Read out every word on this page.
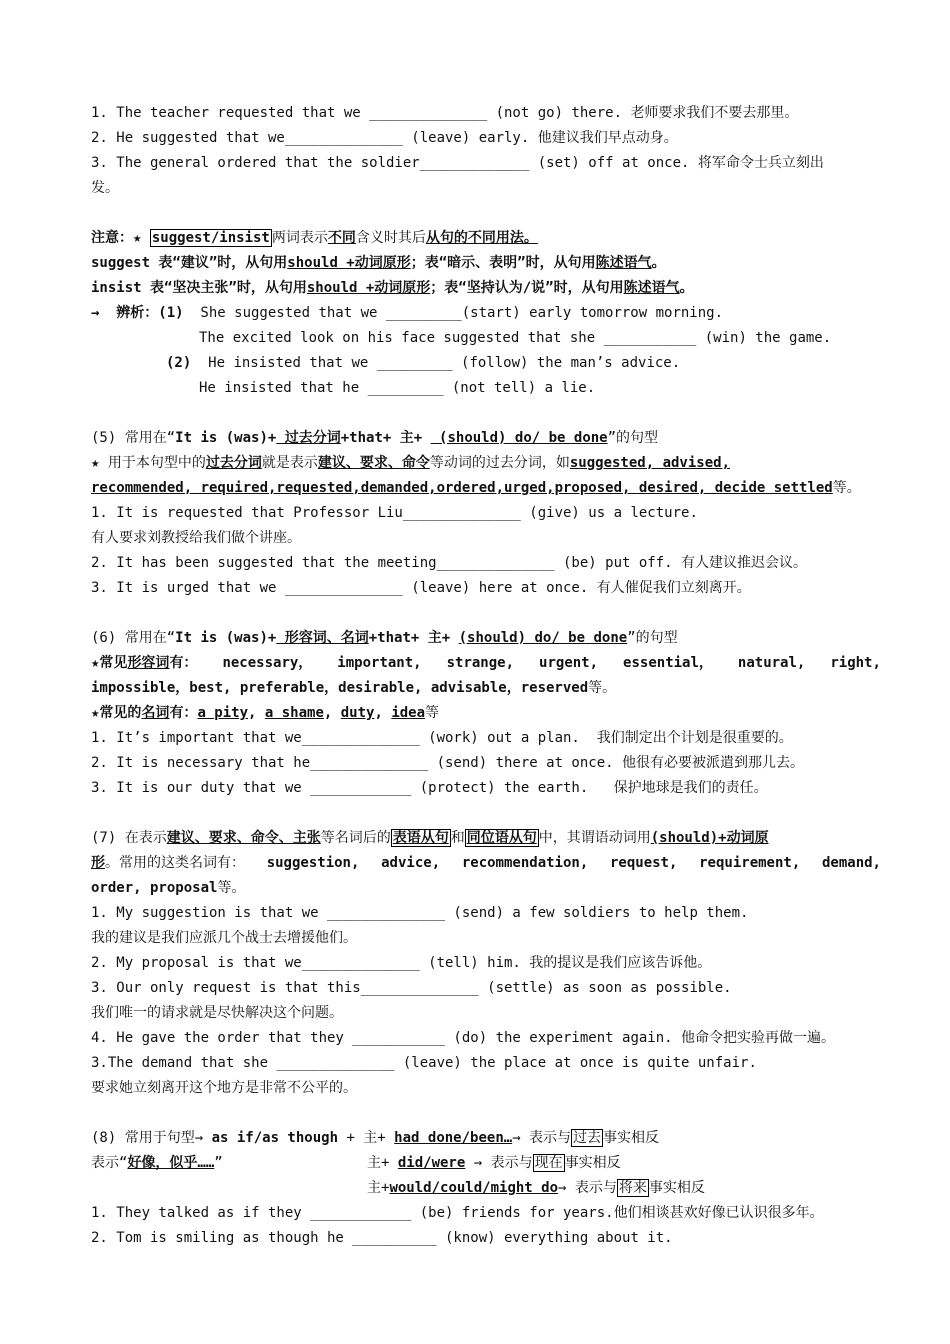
1. The teacher requested that we ______________ (not go) there. 老师要求我们不要去那里。
2. He suggested that we______________ (leave) early. 他建议我们早点动身。
3. The general ordered that the soldier_____________ (set) off at once. 将军命令士兵立刻出
发。
注意：★ suggest/insist 两词表示不同含义时其后从句的不同用法。
suggest 表“建议”时，从句用should +动词原形；表“暗示、表明”时，从句用陈述语气。
insist 表“坚决主张”时，从句用should +动词原形；表“坚持认为/说”时，从句用陈述语气。
→  辨析：(1)  She suggested that we _________(start) early tomorrow morning.
The excited look on his face suggested that she ___________ (win) the game.
(2)  He insisted that we _________ (follow) the man’s advice.
He insisted that he _________ (not tell) a lie.
(5) 常用在“It is (was)+ 过去分词+that+ 主+  (should) do/ be done”的句型
★ 用于本句型中的过去分词就是表示建议、要求、命令等动词的过去分词，如suggested, advised,
recommended, required,requested,demanded,ordered,urged,proposed, desired, decide settled等。
1. It is requested that Professor Liu______________ (give) us a lecture.
有人要求刘教授给我们做个讲座。
2. It has been suggested that the meeting______________ (be) put off. 有人建议推迟会议。
3. It is urged that we ______________ (leave) here at once. 有人催促我们立刻离开。
(6) 常用在“It is (was)+ 形容词、名词+that+ 主+ (should) do/ be done”的句型
★常见形容词有： necessary， important, strange, urgent, essential， natural, right,
impossible，best, preferable，desirable, advisable，reserved等。
★常见的名词有：a pity, a shame, duty, idea等
1. It’s important that we______________ (work) out a plan.  我们制定出个计划是很重要的。
2. It is necessary that he______________ (send) there at once. 他很有必要被派遣到那儿去。
3. It is our duty that we ____________ (protect) the earth.   保护地球是我们的责任。
(7) 在表示建议、要求、命令、主张等名词后的 表语从句 和 同位语从句 中，其谓语动词用(should)+动词原
形。常用的这类名词有： suggestion, advice, recommendation, request, requirement, demand,
order, proposal等。
1. My suggestion is that we ______________ (send) a few soldiers to help them.
我的建议是我们应派几个战士去增援他们。
2. My proposal is that we______________ (tell) him. 我的提议是我们应该告诉他。
3. Our only request is that this______________ (settle) as soon as possible.
我们唯一的请求就是尽快解决这个问题。
4. He gave the order that they ___________ (do) the experiment again. 他命令把实验再做一遍。
3.The demand that she ______________ (leave) the place at once is quite unfair.
要求她立刻离开这个地方是非常不公平的。
(8) 常用于句型→ as if/as though + 主+ had done/been…→ 表示与 过去 事实相反
表示“好像，似乎……”	主+ did/were → 表示与 现在 事实相反
主+would/could/might do→ 表示与 将来 事实相反
1. They talked as if they ____________ (be) friends for years.他们相谈甚欢好像已认识很多年。
2. Tom is smiling as though he __________ (know) everything about it.
